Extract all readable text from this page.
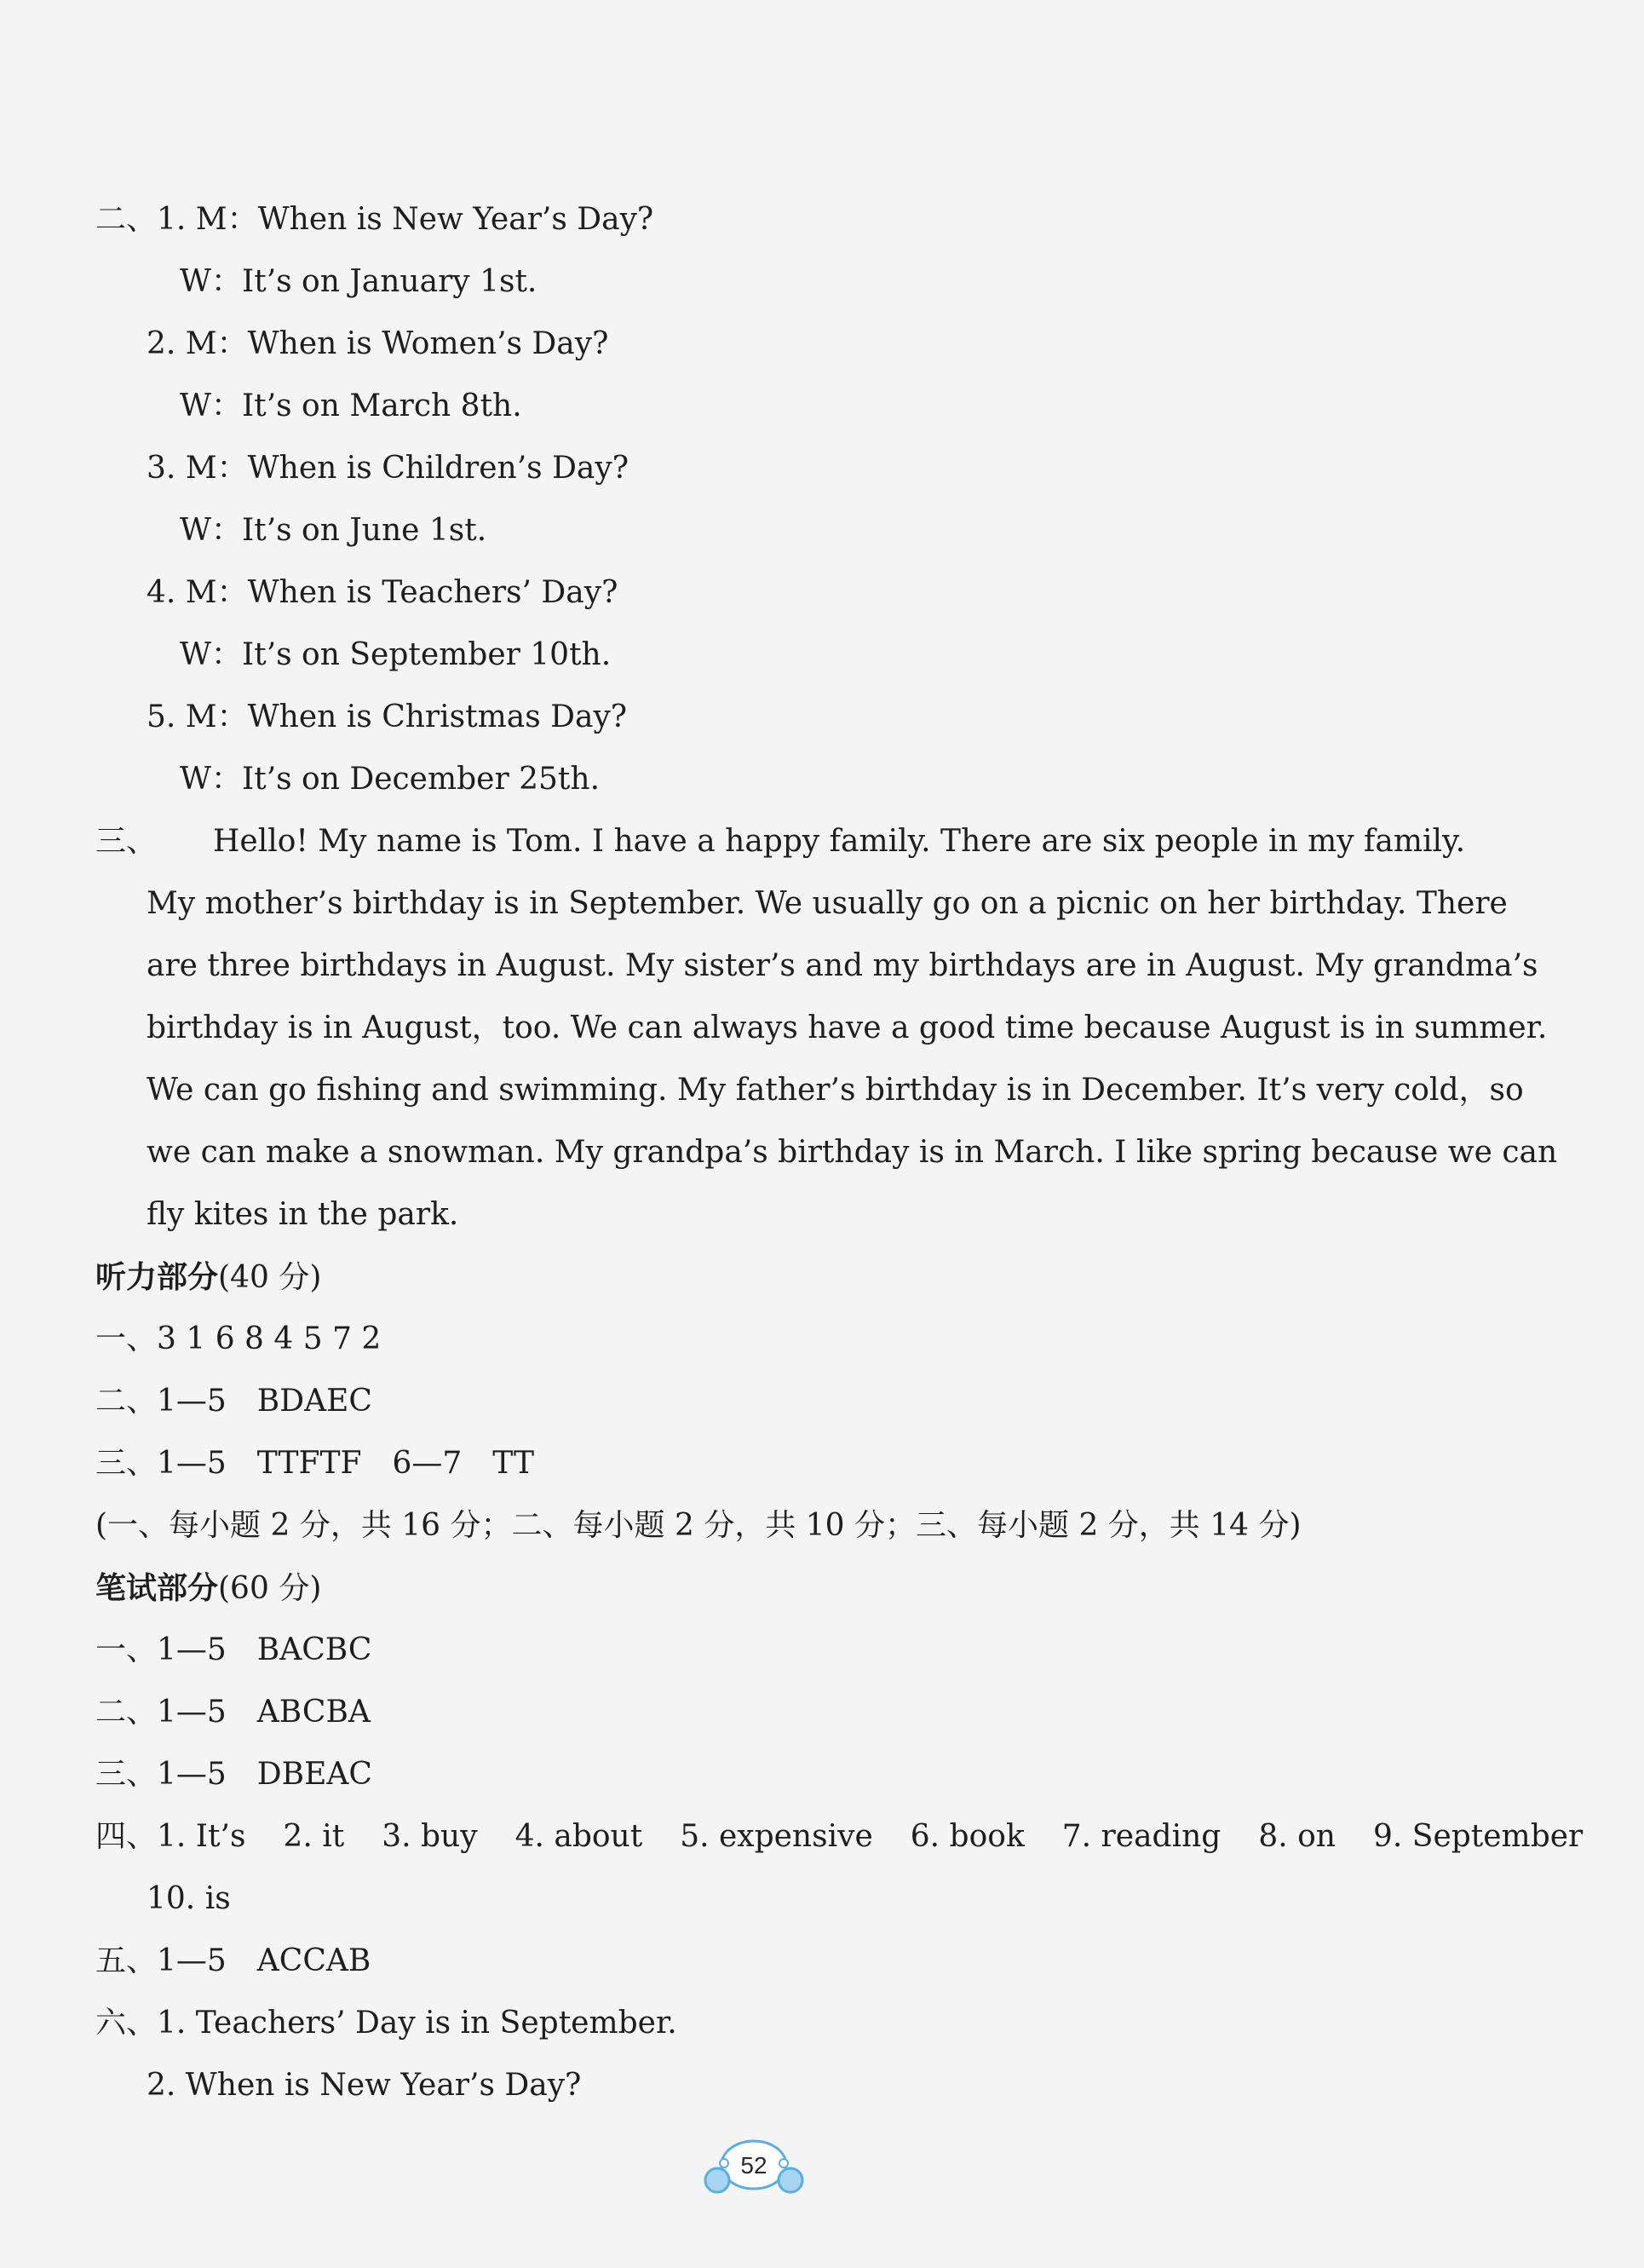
二、1. M：When is New Year’s Day?
W：It’s on January 1st.
2. M：When is Women’s Day?
W：It’s on March 8th.
3. M：When is Children’s Day?
W：It’s on June 1st.
4. M：When is Teachers’ Day?
W：It’s on September 10th.
5. M：When is Christmas Day?
W：It’s on December 25th.
三、 Hello! My name is Tom. I have a happy family. There are six people in my family.
My mother’s birthday is in September. We usually go on a picnic on her birthday. There
are three birthdays in August. My sister’s and my birthdays are in August. My grandma’s
birthday is in August，too. We can always have a good time because August is in summer.
We can go fishing and swimming. My father’s birthday is in December. It’s very cold，so
we can make a snowman. My grandpa’s birthday is in March. I like spring because we can
fly kites in the park.
听力部分(40 分)
一、3 1 6 8 4 5 7 2
二、1—5　BDAEC
三、1—5　TTFTF　6—7　TT
(一、每小题 2 分，共 16 分；二、每小题 2 分，共 10 分；三、每小题 2 分，共 14 分)
笔试部分(60 分)
一、1—5　BACBC
二、1—5　ABCBA
三、1—5　DBEAC
四、1. It’s 2. it 3. buy 4. about 5. expensive 6. book 7. reading 8. on 9. September
10. is
五、1—5　ACCAB
六、1. Teachers’ Day is in September.
2. When is New Year’s Day?
52
